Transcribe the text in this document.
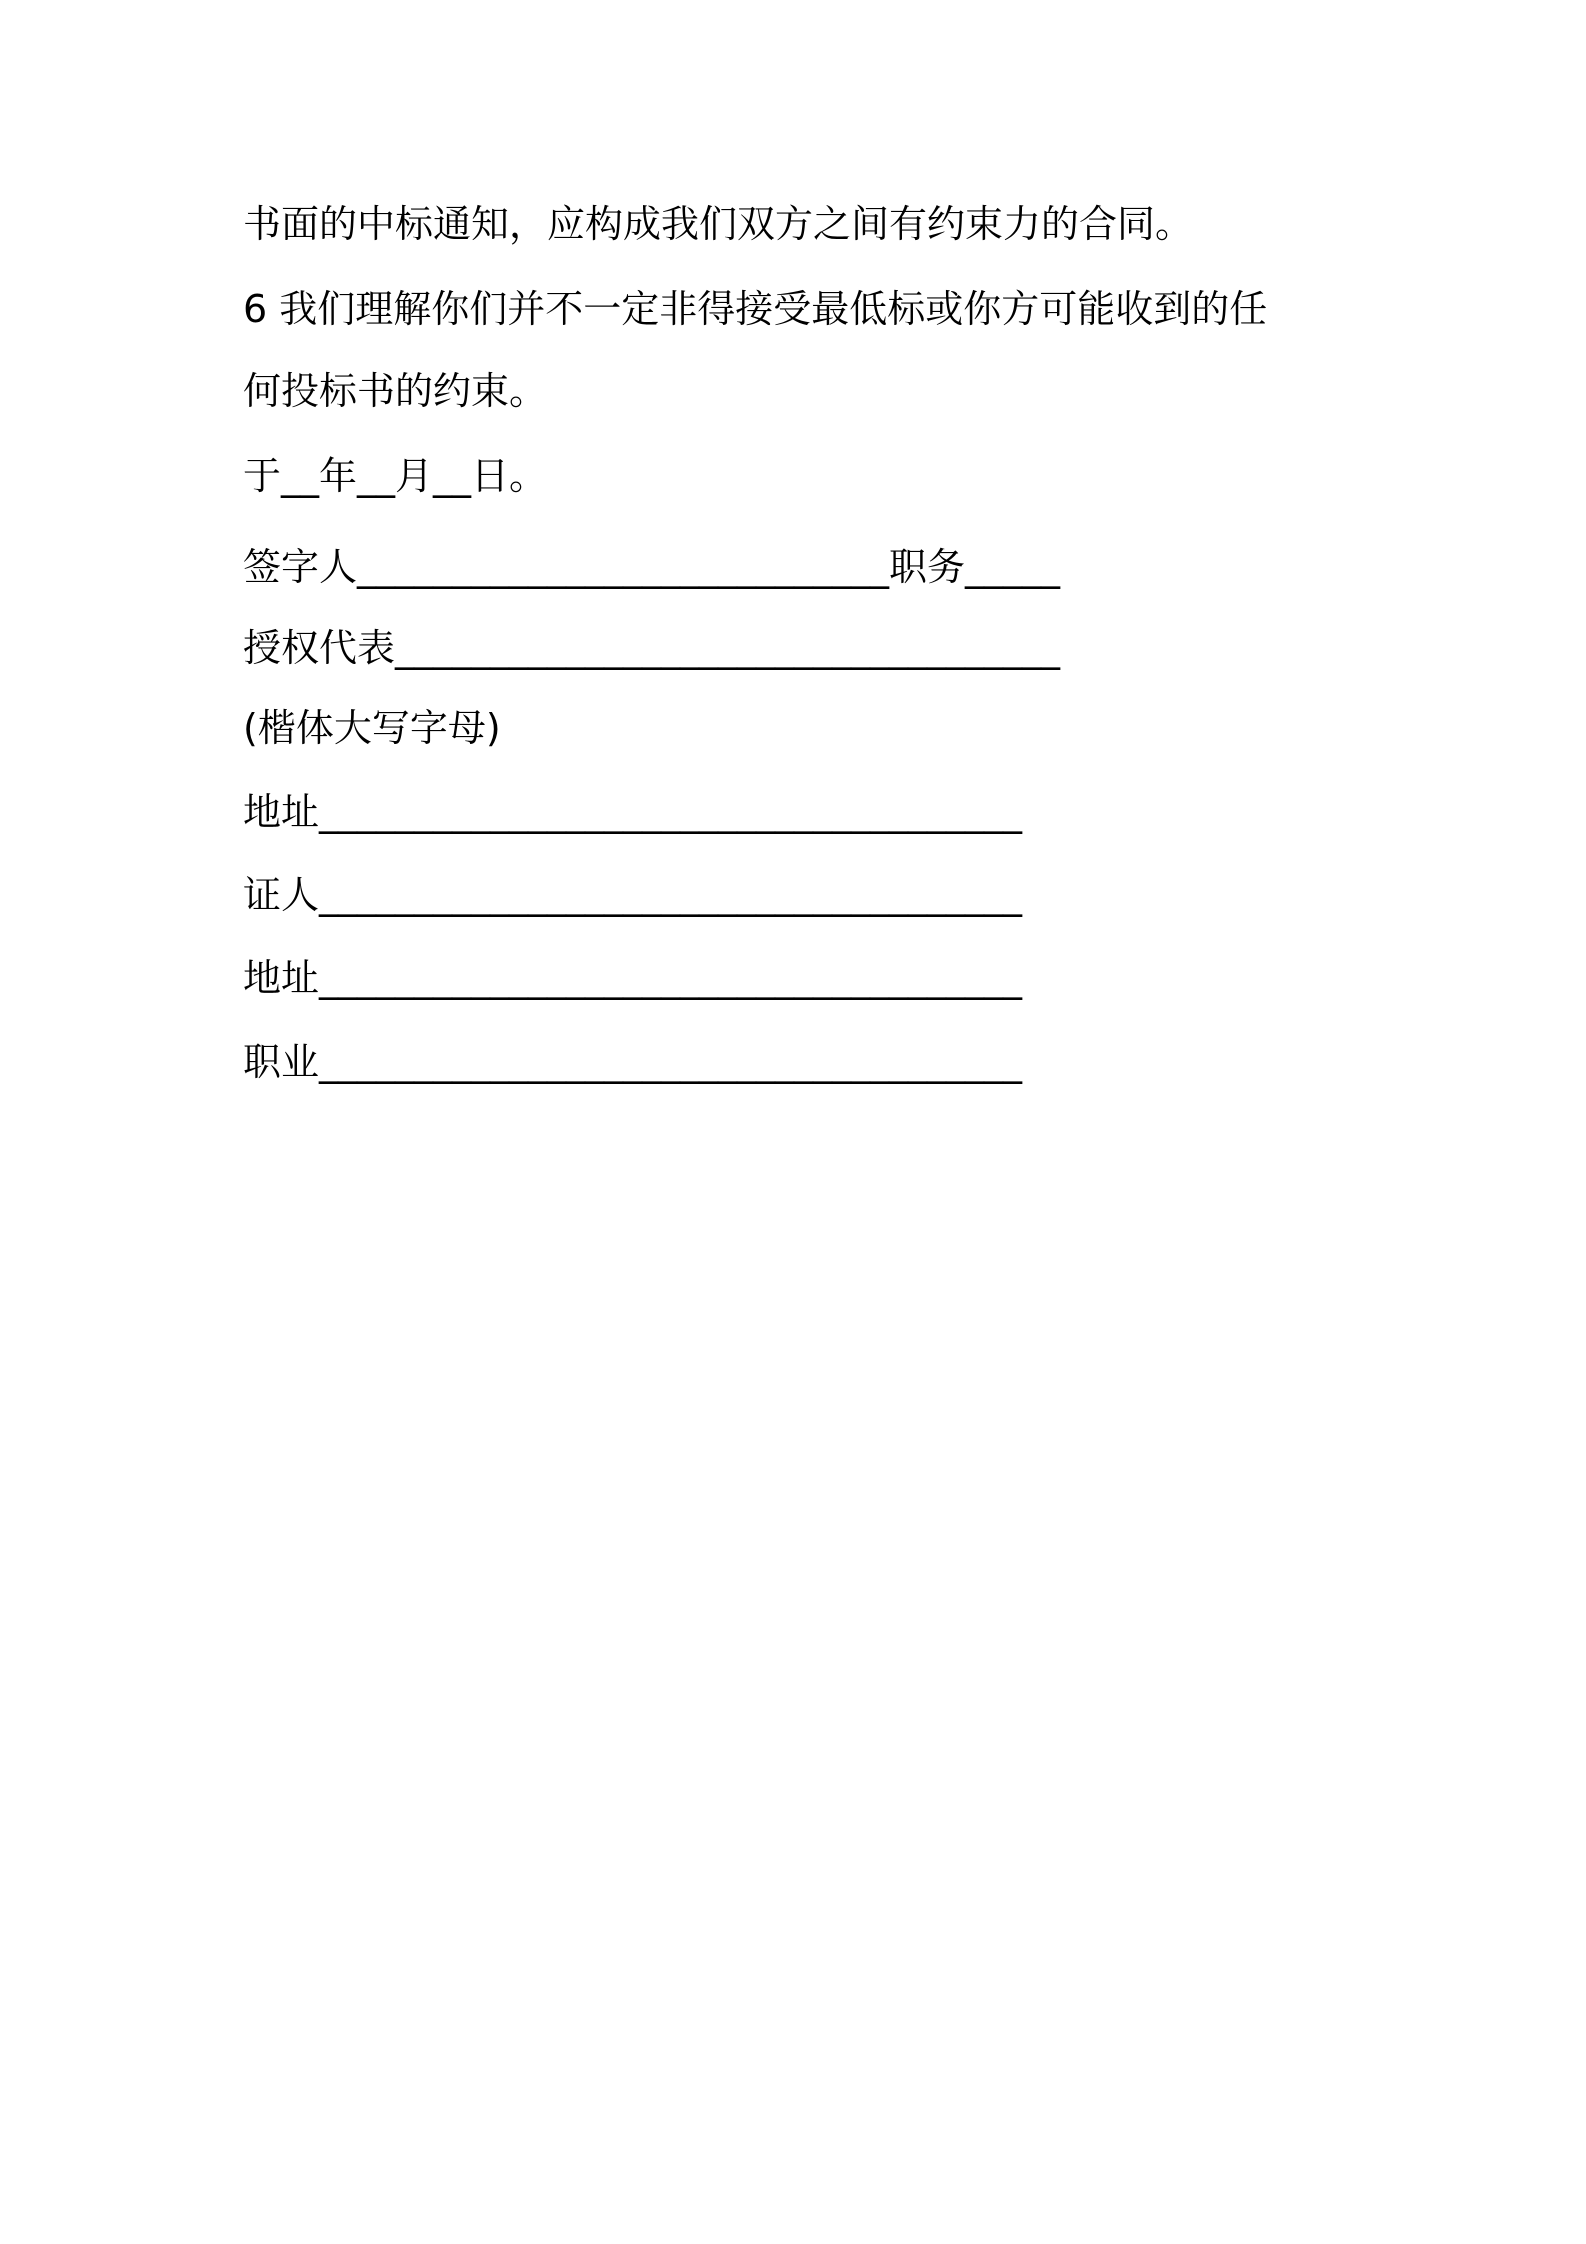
书面的中标通知，应构成我们双方之间有约束力的合同。

6 我们理解你们并不一定非得接受最低标或你方可能收到的任

何投标书的约束。

于__年__月__日。

签字人____________________________职务_____

授权代表___________________________________

(楷体大写字母)

地址_____________________________________

证人_____________________________________

地址_____________________________________

职业_____________________________________
